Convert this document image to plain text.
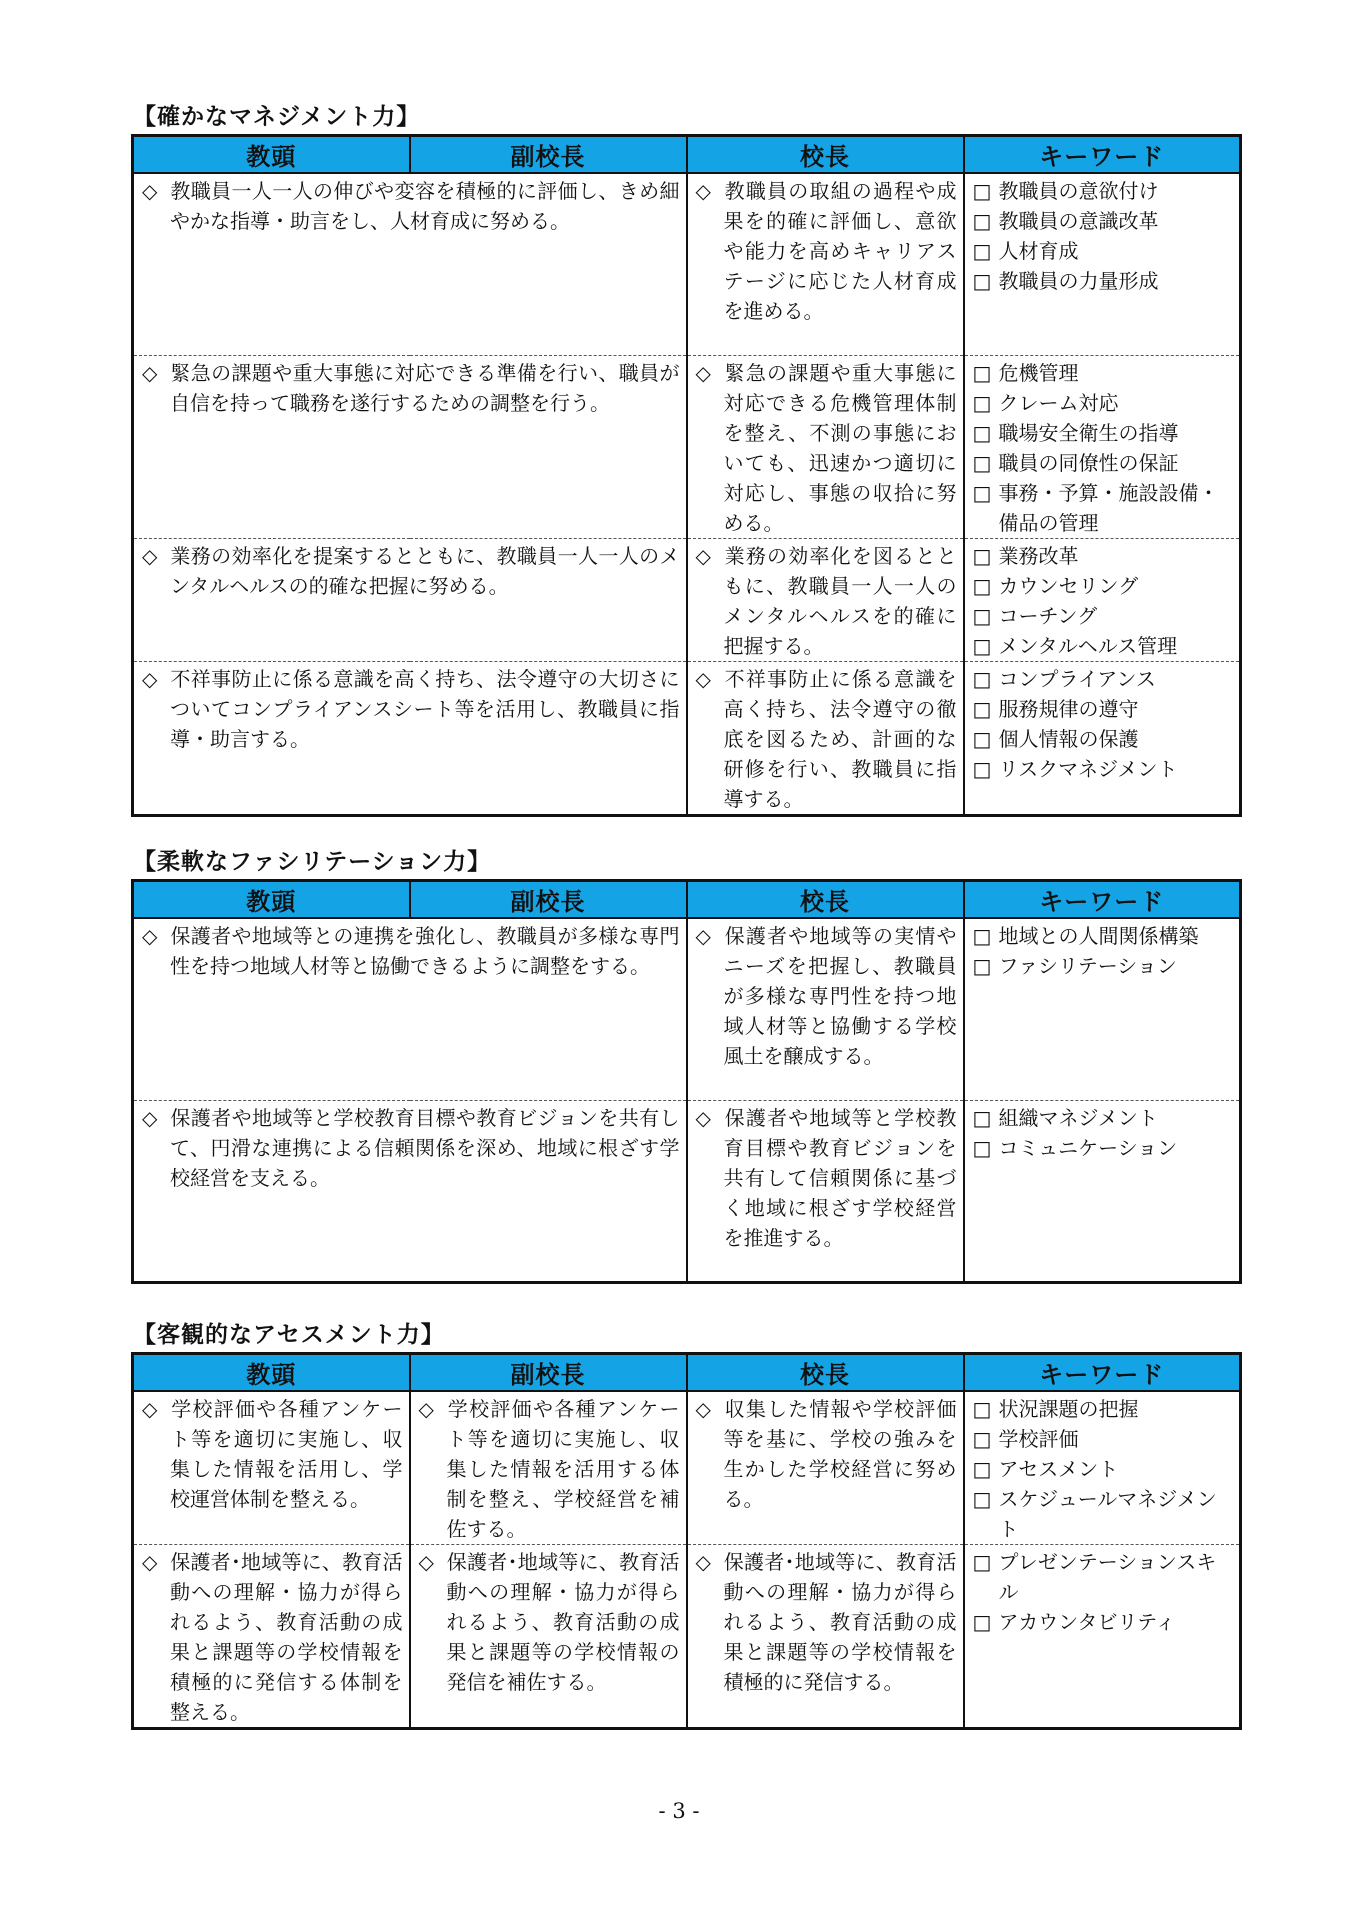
【確かなマネジメント力】
教頭	副校長	校長	キーワード

◇ 教職員一人一人の伸びや変容を積極的に評価し、きめ細やかな指導・助言をし、人材育成に努める。		◇ 教職員の取組の過程や成果を的確に評価し、意欲や能力を高めキャリアステージに応じた人材育成を進める。	□ 教職員の意欲付け
□ 教職員の意識改革
□ 人材育成
□ 教職員の力量形成

◇ 緊急の課題や重大事態に対応できる準備を行い、職員が自信を持って職務を遂行するための調整を行う。		◇ 緊急の課題や重大事態に対応できる危機管理体制を整え、不測の事態においても、迅速かつ適切に対応し、事態の収拾に努める。	□ 危機管理
□ クレーム対応
□ 職場安全衛生の指導
□ 職員の同僚性の保証
□ 事務・予算・施設設備・備品の管理

◇ 業務の効率化を提案するとともに、教職員一人一人のメンタルヘルスの的確な把握に努める。		◇ 業務の効率化を図るとともに、教職員一人一人のメンタルヘルスを的確に把握する。	□ 業務改革
□ カウンセリング
□ コーチング
□ メンタルヘルス管理

◇ 不祥事防止に係る意識を高く持ち、法令遵守の大切さについてコンプライアンスシート等を活用し、教職員に指導・助言する。		◇ 不祥事防止に係る意識を高く持ち、法令遵守の徹底を図るため、計画的な研修を行い、教職員に指導する。	□ コンプライアンス
□ 服務規律の遵守
□ 個人情報の保護
□ リスクマネジメント
【柔軟なファシリテーション力】
教頭	副校長	校長	キーワード

◇ 保護者や地域等との連携を強化し、教職員が多様な専門性を持つ地域人材等と協働できるように調整をする。		◇ 保護者や地域等の実情やニーズを把握し、教職員が多様な専門性を持つ地域人材等と協働する学校風土を醸成する。	□ 地域との人間関係構築
□ ファシリテーション

◇ 保護者や地域等と学校教育目標や教育ビジョンを共有して、円滑な連携による信頼関係を深め、地域に根ざす学校経営を支える。		◇ 保護者や地域等と学校教育目標や教育ビジョンを共有して信頼関係に基づく地域に根ざす学校経営を推進する。	□ 組織マネジメント
□ コミュニケーション
【客観的なアセスメント力】
教頭	副校長	校長	キーワード

◇ 学校評価や各種アンケート等を適切に実施し、収集した情報を活用し、学校運営体制を整える。	◇ 学校評価や各種アンケート等を適切に実施し、収集した情報を活用する体制を整え、学校経営を補佐する。	◇ 収集した情報や学校評価等を基に、学校の強みを生かした学校経営に努める。	□ 状況課題の把握
□ 学校評価
□ アセスメント
□ スケジュールマネジメント

◇ 保護者･地域等に、教育活動への理解・協力が得られるよう、教育活動の成果と課題等の学校情報を積極的に発信する体制を整える。	◇ 保護者･地域等に、教育活動への理解・協力が得られるよう、教育活動の成果と課題等の学校情報の発信を補佐する。	◇ 保護者･地域等に、教育活動への理解・協力が得られるよう、教育活動の成果と課題等の学校情報を積極的に発信する。	□ プレゼンテーションスキル
□ アカウンタビリティ
- 3 -
